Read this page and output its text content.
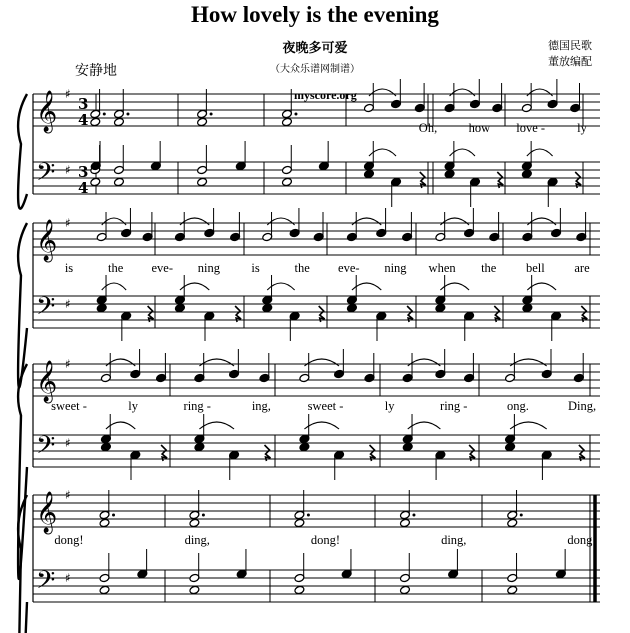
How lovely is the evening
夜晚多可爱
（大众乐谱网制谱）
德国民歌
董放编配
安静地
myscore.org
𝄞
𝄢
♯
♯
3
4
3
4
Oh,	how love -	ly
𝄞
𝄢
♯
♯
is	the eve- ning	is	the eve- ning when the bell are
𝄞
𝄢
♯
♯
sweet -	ly	ring -	ing,	sweet -	ly	ring -	ong.	Ding,
𝄞
𝄢
♯
♯
dong!	ding,	dong!	ding,	dong!
